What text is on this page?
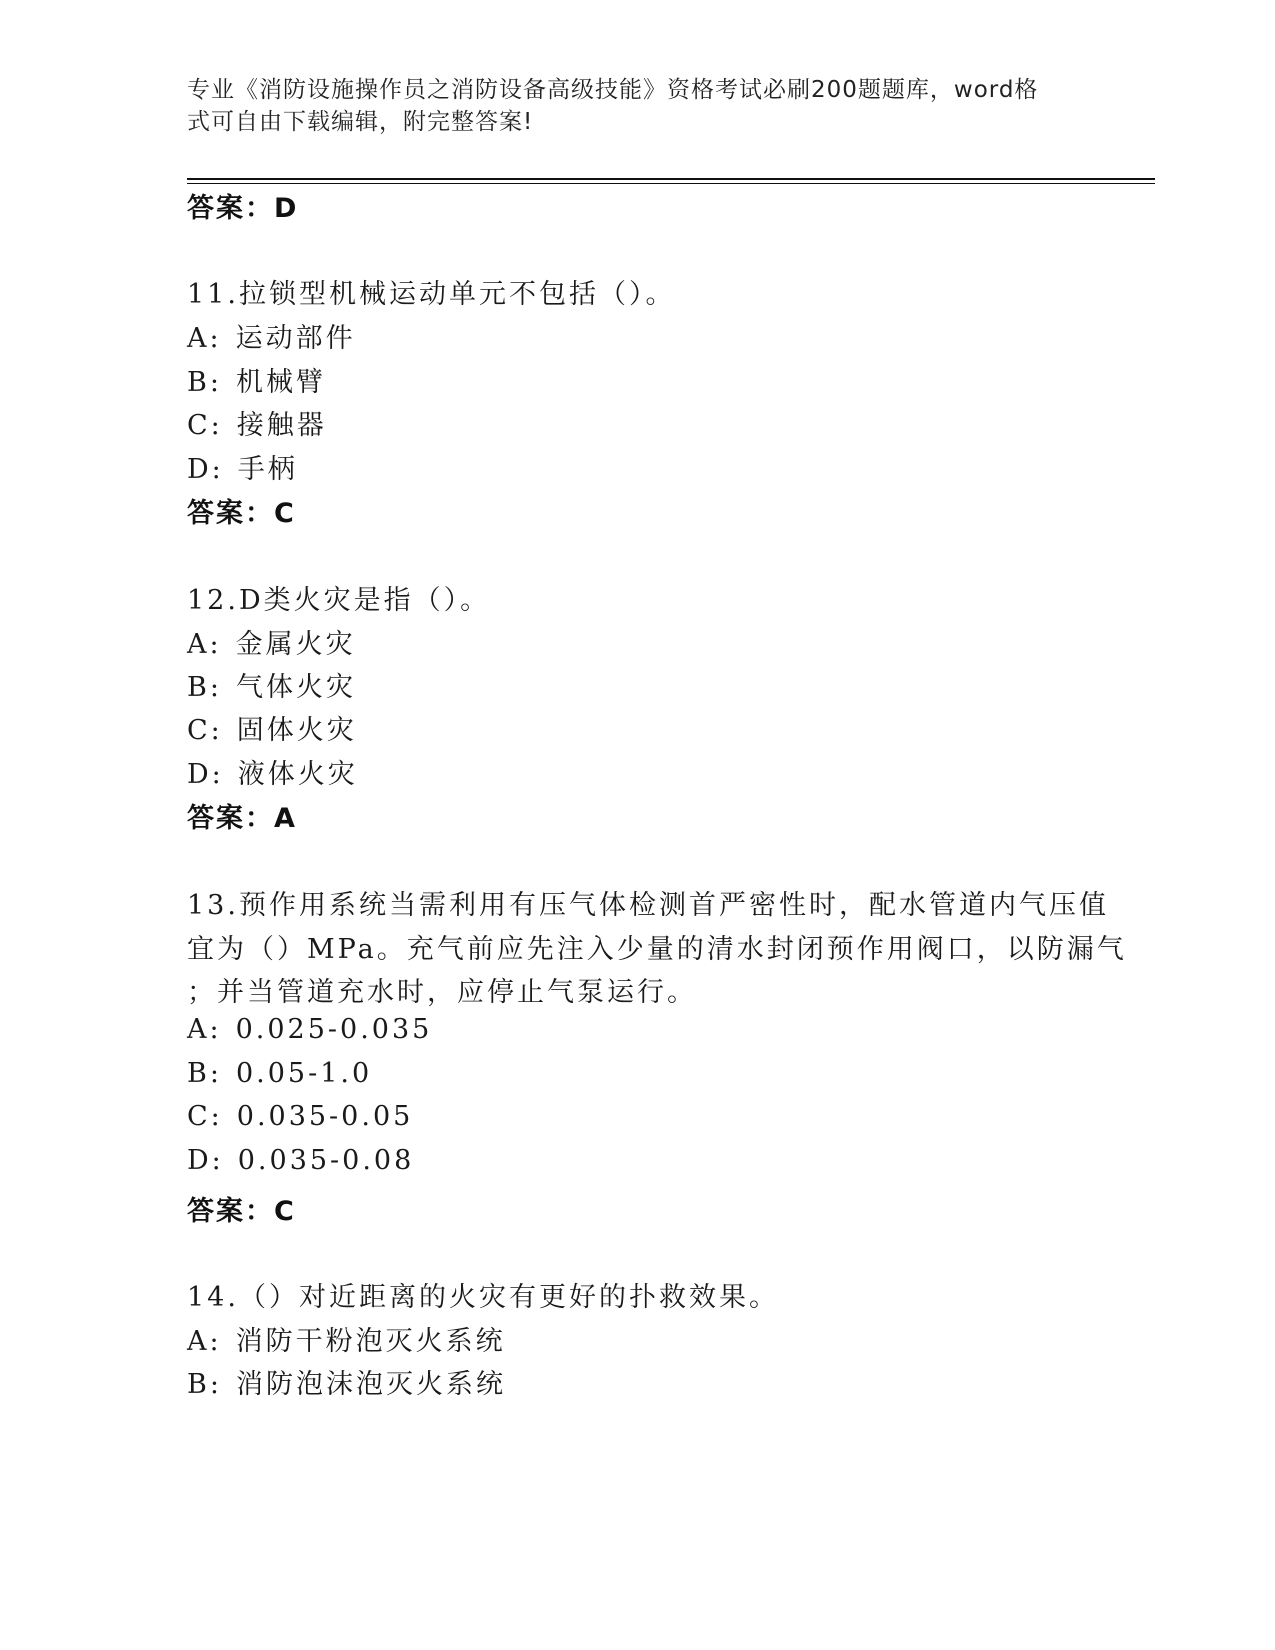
专业《消防设施操作员之消防设备高级技能》资格考试必刷200题题库，word格
式可自由下载编辑，附完整答案!
答案：D
11.拉锁型机械运动单元不包括（）。
A: 运动部件
B: 机械臂
C: 接触器
D: 手柄
答案：C
12.D类火灾是指（）。
A: 金属火灾
B: 气体火灾
C: 固体火灾
D: 液体火灾
答案：A
13.预作用系统当需利用有压气体检测首严密性时，配水管道内气压值
宜为（）MPa。充气前应先注入少量的清水封闭预作用阀口，以防漏气
；并当管道充水时，应停止气泵运行。
A: 0.025-0.035
B: 0.05-1.0
C: 0.035-0.05
D: 0.035-0.08
答案：C
14.（）对近距离的火灾有更好的扑救效果。
A: 消防干粉泡灭火系统
B: 消防泡沫泡灭火系统
